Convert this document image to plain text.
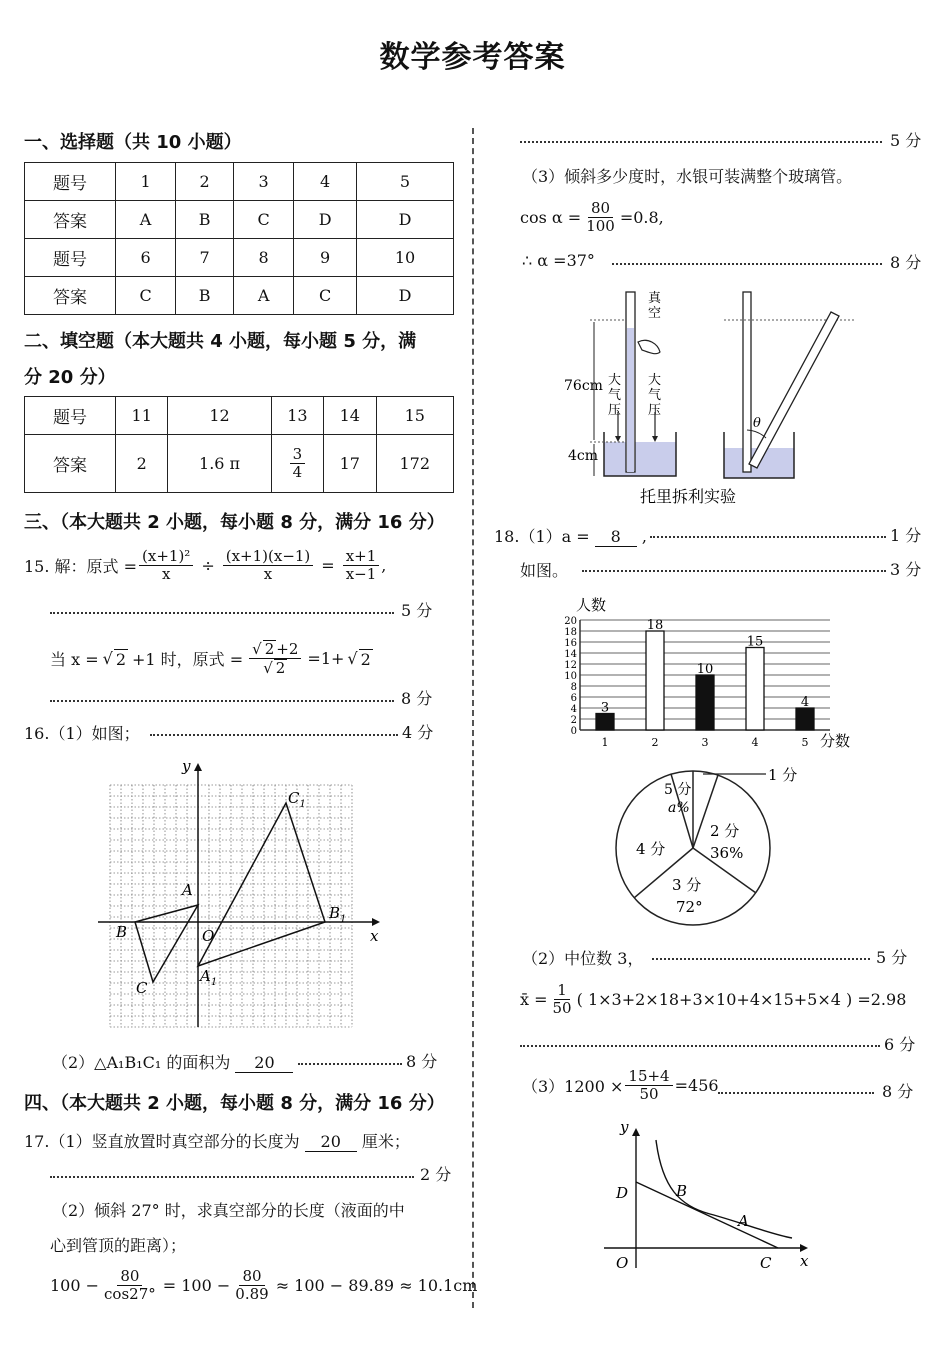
数学参考答案
一、选择题（共 10 小题）
题号	1	2	3	4	5
答案	A	B	C	D	D
题号	6	7	8	9	10
答案	C	B	A	C	D
二、填空题（本大题共 4 小题，每小题 5 分，满
分 20 分）
题号	11	12	13	14	15
答案	2	1.6 π	$\frac{3}{4}$	17	172
三、（本大题共 2 小题，每小题 8 分，满分 16 分）
15. 解：原式 = $\frac{\text{(x+1)²}}{x} \div \frac{(x+1)(x-1)}{x} = \frac{x+1}{x-1}$ ,
5 分
当 x = √ 2 +1 时，原式 = $\frac{√ 2 +2}{√ 2} =1+$ √ 2
8 分
16.（1）如图；	4 分
y
x
A
B
C
O
$A_1$
$B_1$
$C_1$
（2）△A₁B₁C₁ 的面积为 20	8 分
四、（本大题共 2 小题，每小题 8 分，满分 16 分）
17.（1）竖直放置时真空部分的长度为 20 厘米；
2 分
（2）倾斜 27° 时，求真空部分的长度（液面的中
心到管顶的距离）；
$100 - \frac{80}{\cos 27^\circ} = 100 - \frac{80}{0.89} \approx 100 - 89.89 \approx 10.1cm$
5 分
（3）倾斜多少度时，水银可装满整个玻璃管。
$\cos \alpha = \frac{80}{100} =0.8$,
∴ α =37°	8 分
76cm
4cm
真
空
大
气
压
大
气
压
θ
托里拆利实验
18.（1）a = 8 ,	1 分
如图。	3 分
0
2
4
6
8
10
12
14
16
18
20
1	2	3	4	5
3
18
10
15
4
人数
分数
1 分
5 分
a%
2 分
36%
4 分
3 分
72°
（2）中位数 3，	5 分
x̄ = $\frac{1}{50}$ ( 1×3+2×18+3×10+4×15+5×4 ) =2.98
6 分
$(3)1200 \times \frac{15+4}{50} =456$	8 分
y
x
O
D	B
A
C
